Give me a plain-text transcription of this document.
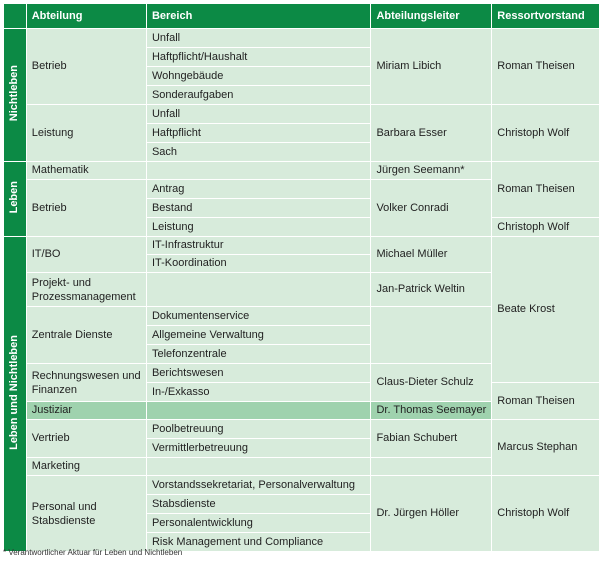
	Abteilung	Bereich	Abteilungsleiter	Ressortvorstand
Nichtleben	Betrieb	Unfall	Miriam Libich	Roman Theisen
		Haftpflicht/Haushalt		
		Wohngebäude		
		Sonderaufgaben		
	Leistung	Unfall	Barbara Esser	Christoph Wolf
		Haftpflicht		
		Sach		
Leben	Mathematik		Jürgen Seemann*	Roman Theisen
	Betrieb	Antrag	Volker Conradi	
		Bestand		
		Leistung		Christoph Wolf
Leben und Nichtleben	IT/BO	IT-Infrastruktur	Michael Müller	Beate Krost
		IT-Koordination		
	Projekt- und Prozessmanagement		Jan-Patrick Weltin	
	Zentrale Dienste	Dokumentenservice		
		Allgemeine Verwaltung		
		Telefonzentrale		
	Rechnungswesen und Finanzen	Berichtswesen	Claus-Dieter Schulz	
		In-/Exkasso		Roman Theisen
	Justiziar		Dr. Thomas Seemayer	
	Vertrieb	Poolbetreuung	Fabian Schubert	Marcus Stephan
		Vermittlerbetreuung		
	Marketing			
	Personal und Stabsdienste	Vorstandssekretariat, Personalverwaltung	Dr. Jürgen Höller	Christoph Wolf
		Stabsdienste		
		Personalentwicklung		
		Risk Management und Compliance		
* Verantwortlicher Aktuar für Leben und Nichtleben
